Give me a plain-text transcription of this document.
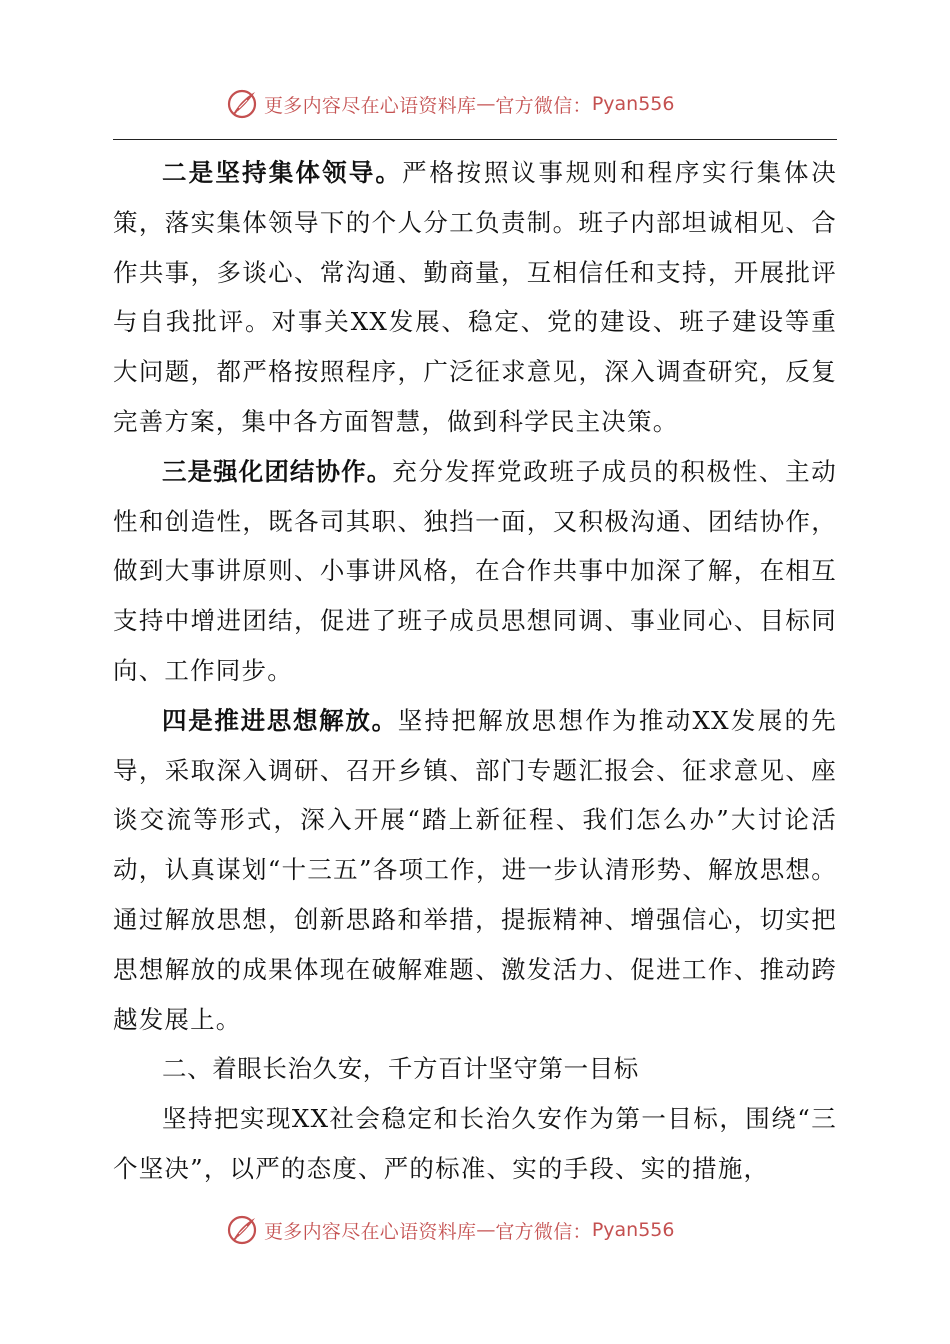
更多内容尽在心语资料库 — 官方微信： Pyan556

二是坚持集体领导。严格按照议事规则和程序实行集体决策，落实集体领导下的个人分工负责制。班子内部坦诚相见、合作共事，多谈心、常沟通、勤商量，互相信任和支持，开展批评与自我批评。对事关XX发展、稳定、党的建设、班子建设等重大问题，都严格按照程序，广泛征求意见，深入调查研究，反复完善方案，集中各方面智慧，做到科学民主决策。

三是强化团结协作。充分发挥党政班子成员的积极性、主动性和创造性，既各司其职、独挡一面，又积极沟通、团结协作，做到大事讲原则、小事讲风格，在合作共事中加深了解，在相互支持中增进团结，促进了班子成员思想同调、事业同心、目标同向、工作同步。

四是推进思想解放。坚持把解放思想作为推动XX发展的先导，采取深入调研、召开乡镇、部门专题汇报会、征求意见、座谈交流等形式，深入开展“踏上新征程、我们怎么办”大讨论活动，认真谋划“十三五”各项工作，进一步认清形势、解放思想。通过解放思想，创新思路和举措，提振精神、增强信心，切实把思想解放的成果体现在破解难题、激发活力、促进工作、推动跨越发展上。

二、着眼长治久安，千方百计坚守第一目标

坚持把实现XX社会稳定和长治久安作为第一目标，围绕“三个坚决”，以严的态度、严的标准、实的手段、实的措施，

更多内容尽在心语资料库 — 官方微信： Pyan556
